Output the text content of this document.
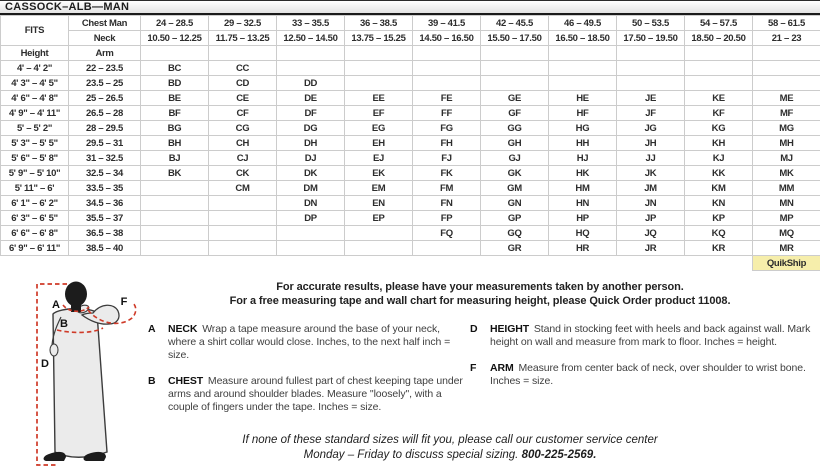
CASSOCK–ALB—MAN
FITS	Chest Man	24 – 28.5	29 – 32.5	33 – 35.5	36 – 38.5	39 – 41.5	42 – 45.5	46 – 49.5	50 – 53.5	54 – 57.5	58 – 61.5
	Neck	10.50 – 12.25	11.75 – 13.25	12.50 – 14.50	13.75 – 15.25	14.50 – 16.50	15.50 – 17.50	16.50 – 18.50	17.50 – 19.50	18.50 – 20.50	21 – 23
Height	Arm										
4' – 4' 2"	22 – 23.5	BC	CC								
4' 3" – 4' 5"	23.5 – 25	BD	CD	DD							
4' 6" – 4' 8"	25 – 26.5	BE	CE	DE	EE	FE	GE	HE	JE	KE	ME
4' 9" – 4' 11"	26.5 – 28	BF	CF	DF	EF	FF	GF	HF	JF	KF	MF
5' – 5' 2"	28 – 29.5	BG	CG	DG	EG	FG	GG	HG	JG	KG	MG
5' 3" – 5' 5"	29.5 – 31	BH	CH	DH	EH	FH	GH	HH	JH	KH	MH
5' 6" – 5' 8"	31 – 32.5	BJ	CJ	DJ	EJ	FJ	GJ	HJ	JJ	KJ	MJ
5' 9" – 5' 10"	32.5 – 34	BK	CK	DK	EK	FK	GK	HK	JK	KK	MK
5' 11" – 6'	33.5 – 35		CM	DM	EM	FM	GM	HM	JM	KM	MM
6' 1" – 6' 2"	34.5 – 36			DN	EN	FN	GN	HN	JN	KN	MN
6' 3" – 6' 5"	35.5 – 37			DP	EP	FP	GP	HP	JP	KP	MP
6' 6" – 6' 8"	36.5 – 38					FQ	GQ	HQ	JQ	KQ	MQ
6' 9" – 6' 11"	38.5 – 40						GR	HR	JR	KR	MR
											QuikShip
A
B
D
F
For accurate results, please have your measurements taken by another person.
For a free measuring tape and wall chart for measuring height, please Quick Order product 11008.
A	NECK Wrap a tape measure around the base of your neck, where a shirt collar would close. Inches, to the next half inch = size.
B	CHEST Measure around fullest part of chest keeping tape under arms and around shoulder blades. Measure "loosely", with a couple of fingers under the tape. Inches = size.
D	HEIGHT Stand in stocking feet with heels and back against wall. Mark height on wall and measure from mark to floor. Inches = height.
F	ARM Measure from center back of neck, over shoulder to wrist bone. Inches = size.
If none of these standard sizes will fit you, please call our customer service center
Monday – Friday to discuss special sizing. 800-225-2569.
